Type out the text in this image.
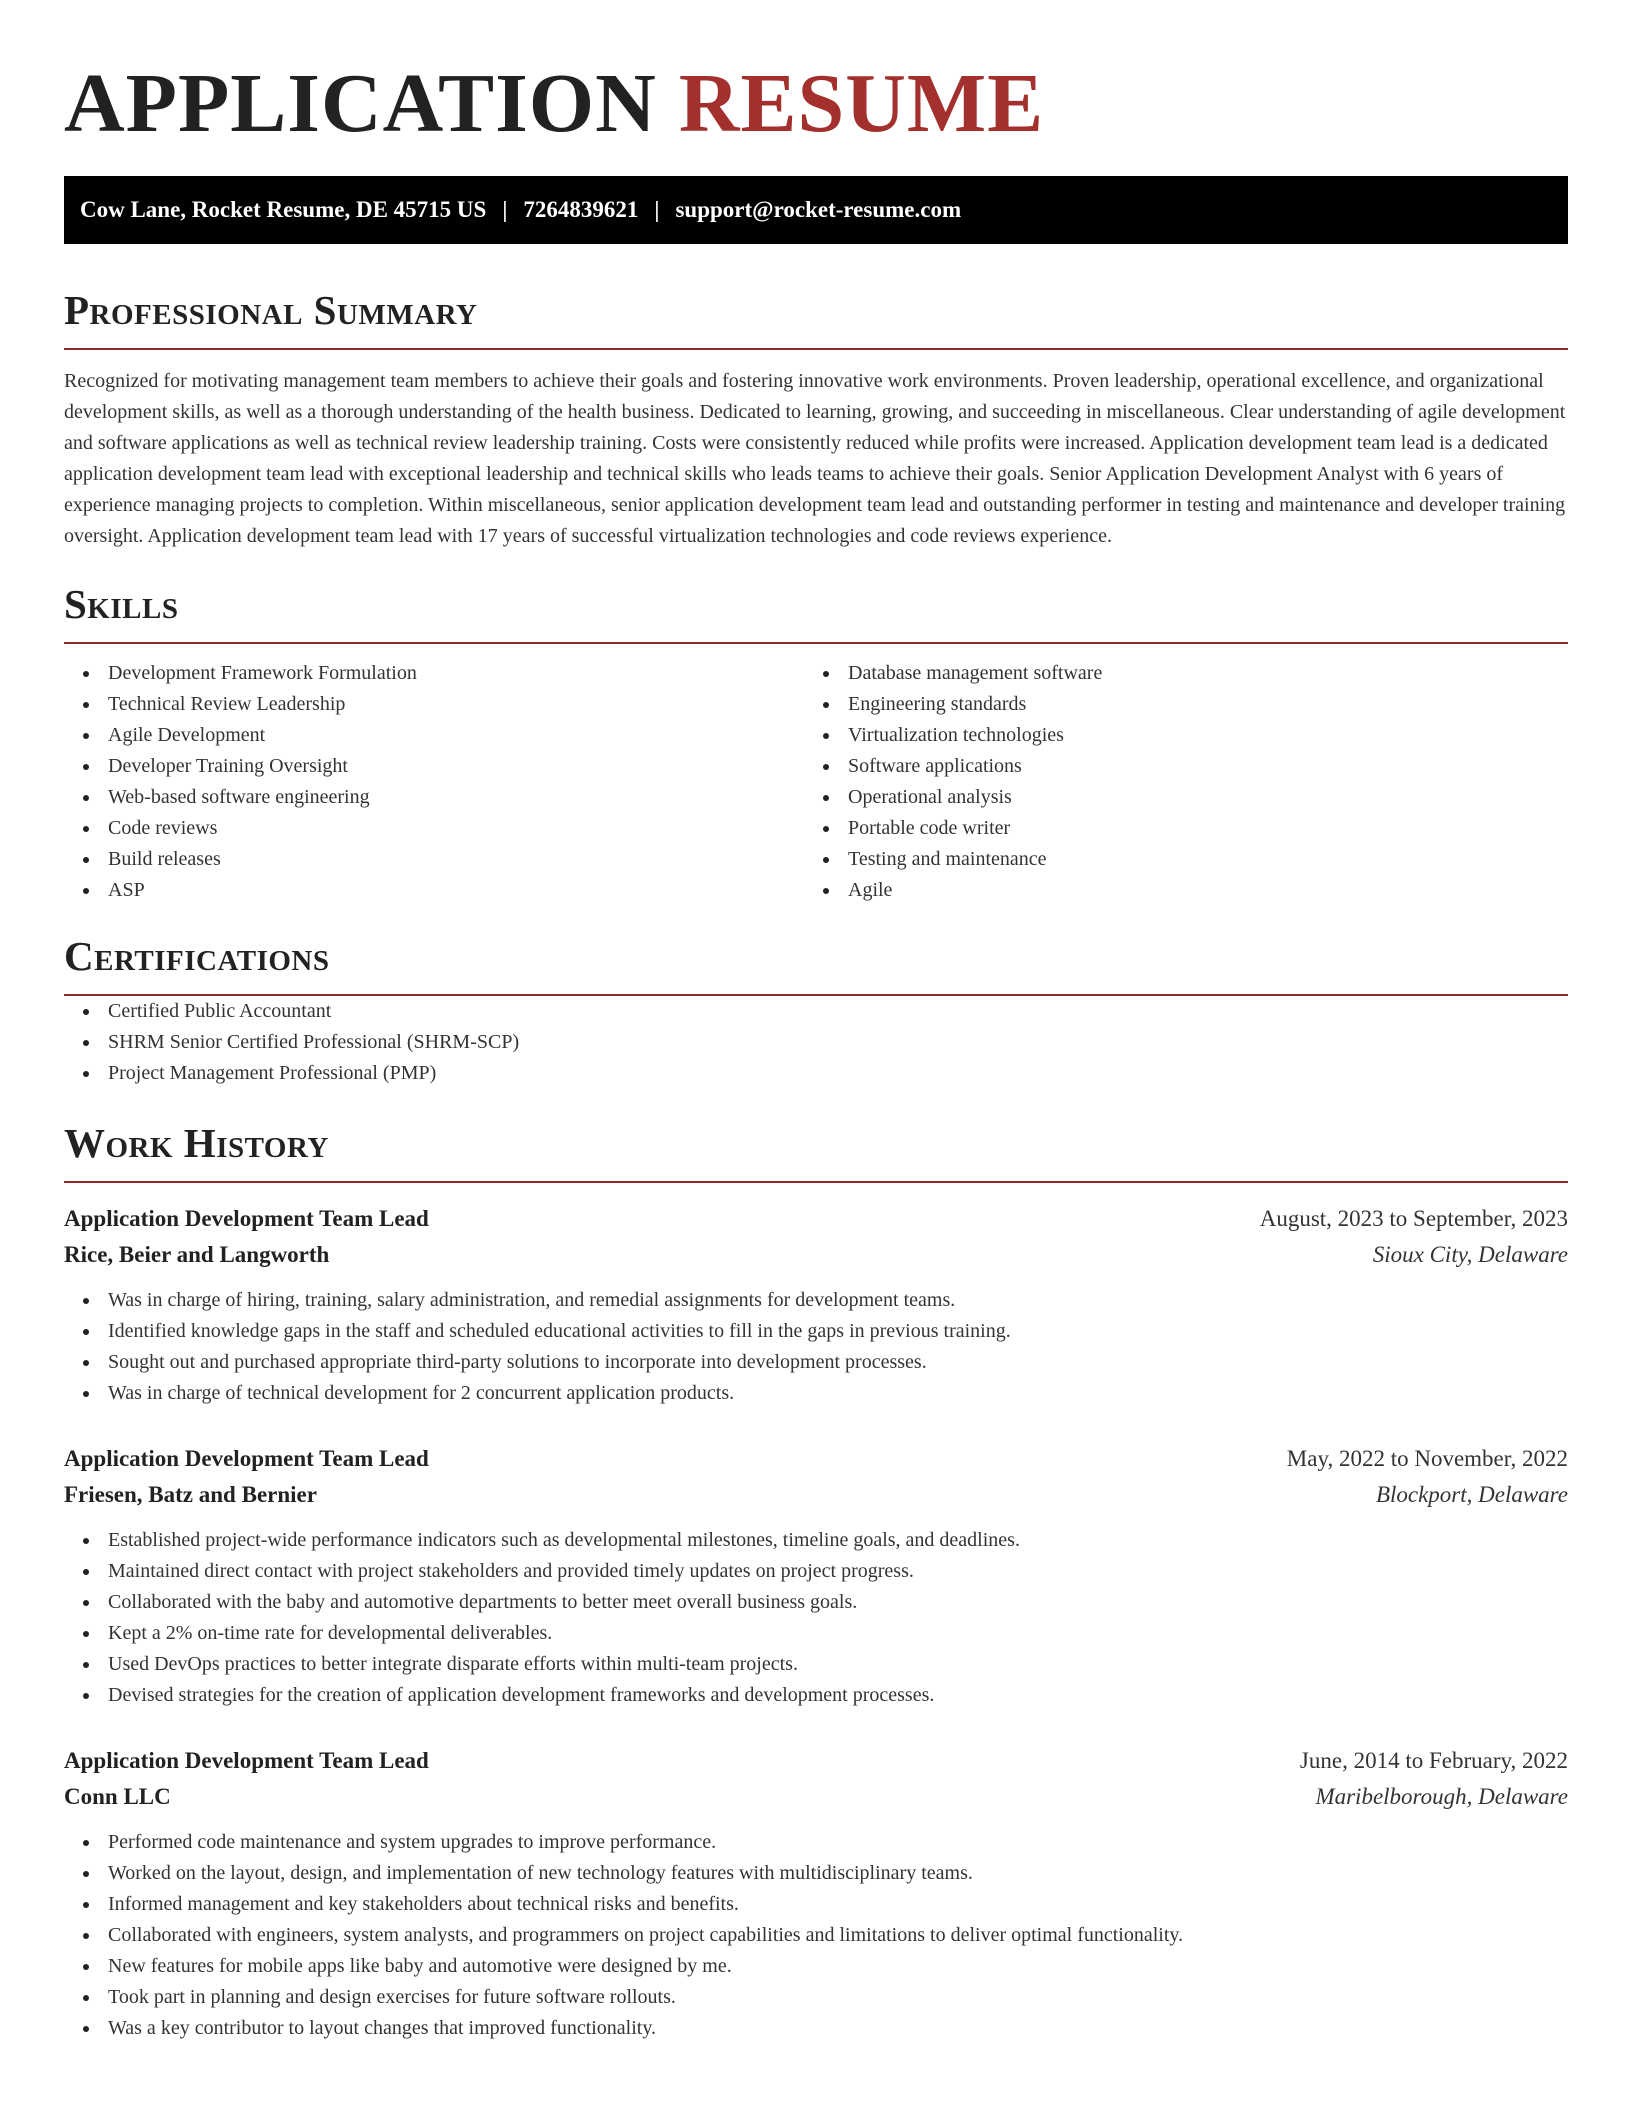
APPLICATION RESUME
Cow Lane, Rocket Resume, DE 45715 US | 7264839621 | support@rocket-resume.com
Professional Summary

Recognized for motivating management team members to achieve their goals and fostering innovative work environments. Proven leadership, operational excellence, and organizational development skills, as well as a thorough understanding of the health business. Dedicated to learning, growing, and succeeding in miscellaneous. Clear understanding of agile development and software applications as well as technical review leadership training. Costs were consistently reduced while profits were increased. Application development team lead is a dedicated application development team lead with exceptional leadership and technical skills who leads teams to achieve their goals. Senior Application Development Analyst with 6 years of experience managing projects to completion. Within miscellaneous, senior application development team lead and outstanding performer in testing and maintenance and developer training oversight. Application development team lead with 17 years of successful virtualization technologies and code reviews experience.

Skills
Development Framework Formulation
Technical Review Leadership
Agile Development
Developer Training Oversight
Web-based software engineering
Code reviews
Build releases
ASP
Database management software
Engineering standards
Virtualization technologies
Software applications
Operational analysis
Portable code writer
Testing and maintenance
Agile
Certifications
Certified Public Accountant
SHRM Senior Certified Professional (SHRM-SCP)
Project Management Professional (PMP)
Work History
Application Development Team Lead	August, 2023 to September, 2023
Rice, Beier and Langworth	Sioux City, Delaware
Was in charge of hiring, training, salary administration, and remedial assignments for development teams.
Identified knowledge gaps in the staff and scheduled educational activities to fill in the gaps in previous training.
Sought out and purchased appropriate third-party solutions to incorporate into development processes.
Was in charge of technical development for 2 concurrent application products.
Application Development Team Lead	May, 2022 to November, 2022
Friesen, Batz and Bernier	Blockport, Delaware
Established project-wide performance indicators such as developmental milestones, timeline goals, and deadlines.
Maintained direct contact with project stakeholders and provided timely updates on project progress.
Collaborated with the baby and automotive departments to better meet overall business goals.
Kept a 2% on-time rate for developmental deliverables.
Used DevOps practices to better integrate disparate efforts within multi-team projects.
Devised strategies for the creation of application development frameworks and development processes.
Application Development Team Lead	June, 2014 to February, 2022
Conn LLC	Maribelborough, Delaware
Performed code maintenance and system upgrades to improve performance.
Worked on the layout, design, and implementation of new technology features with multidisciplinary teams.
Informed management and key stakeholders about technical risks and benefits.
Collaborated with engineers, system analysts, and programmers on project capabilities and limitations to deliver optimal functionality.
New features for mobile apps like baby and automotive were designed by me.
Took part in planning and design exercises for future software rollouts.
Was a key contributor to layout changes that improved functionality.
